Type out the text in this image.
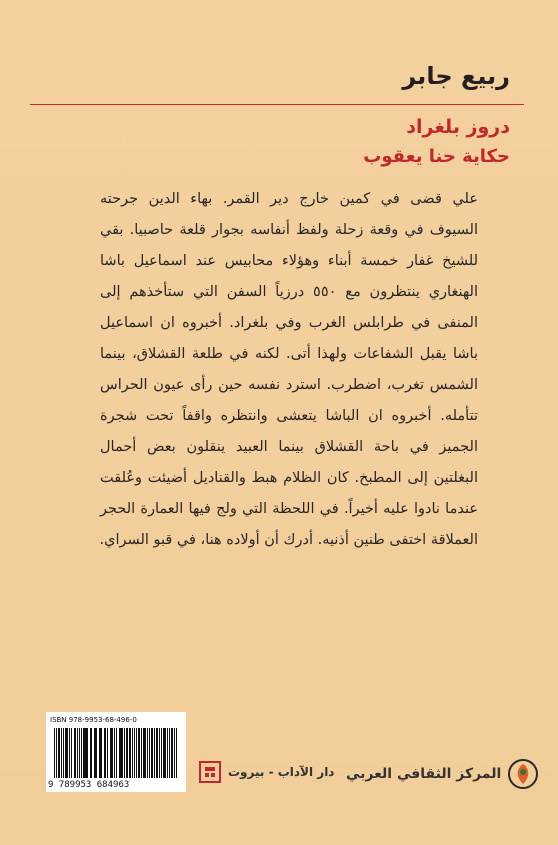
ربيع جابر
دروز بلغراد
حكاية حنا يعقوب
علي قضى في كمين خارج دير القمر. بهاء الدين جرحته
السيوف في وقعة زحلة ولفظ أنفاسه بجوار قلعة حاصبيا. بقي
للشيخ غفار خمسة أبناء وهؤلاء محابيس عند اسماعيل باشا
الهنغاري ينتظرون مع ٥٥٠ درزياً السفن التي ستأخذهم إلى
المنفى في طرابلس الغرب وفي بلغراد. أخبروه ان اسماعيل
باشا يقبل الشفاعات ولهذا أتى. لكنه في طلعة القشلاق، بينما
الشمس تغرب، اضطرب. استرد نفسه حين رأى عيون الحراس
تتأمله. أخبروه ان الباشا يتعشى وانتظره واقفاً تحت شجرة
الجميز في باحة القشلاق بينما العبيد ينقلون بعض أحمال
البغلتين إلى المطبخ. كان الظلام هبط والقناديل أضيئت وعُلقت
عندما نادوا عليه أخيراً. في اللحظة التي ولج فيها العمارة الحجر
العملاقة اختفى طنين أذنيه. أدرك أن أولاده هنا، في قبو السراي.
ISBN 978-9953-68-496-0
9 789953 684963
دار الآداب - بيروت المركز الثقافي العربي
